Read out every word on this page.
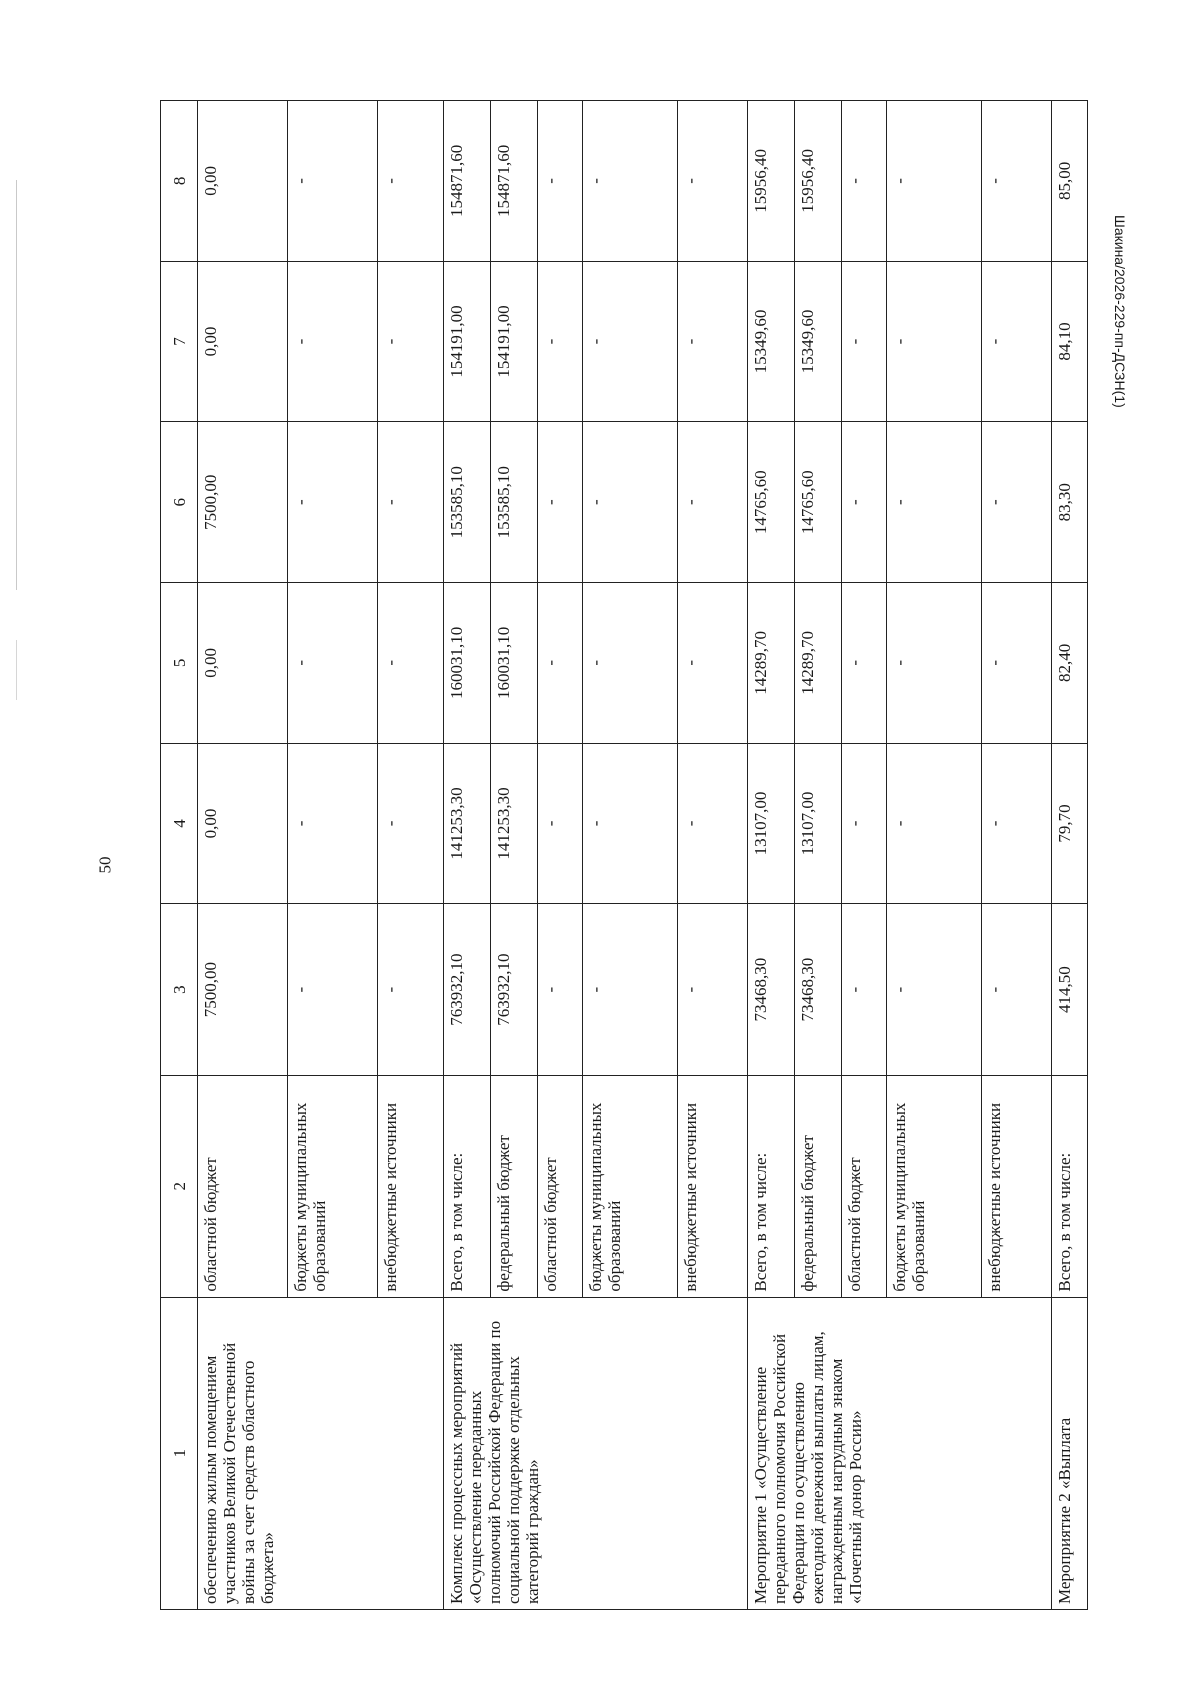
50
Шакина/2026-229-пп-ДСЗН(1)
1	2	3	4	5	6	7	8
обеспечению жилым помещением участников Великой Отечественной войны за счет средств областного бюджета»	областной бюджет	7500,00	0,00	0,00	7500,00	0,00	0,00
	бюджеты муниципальных образований	-	-	-	-	-	-
	внебюджетные источники	-	-	-	-	-	-
Комплекс процессных мероприятий «Осуществление переданных полномочий Российской Федерации по социальной поддержке отдельных категорий граждан»	Всего, в том числе:	763932,10	141253,30	160031,10	153585,10	154191,00	154871,60
	федеральный бюджет	763932,10	141253,30	160031,10	153585,10	154191,00	154871,60
	областной бюджет	-	-	-	-	-	-
	бюджеты муниципальных образований	-	-	-	-	-	-
	внебюджетные источники	-	-	-	-	-	-
Мероприятие 1 «Осуществление переданного полномочия Российской Федерации по осуществлению ежегодной денежной выплаты лицам, награжденным нагрудным знаком «Почетный донор России»	Всего, в том числе:	73468,30	13107,00	14289,70	14765,60	15349,60	15956,40
	федеральный бюджет	73468,30	13107,00	14289,70	14765,60	15349,60	15956,40
	областной бюджет	-	-	-	-	-	-
	бюджеты муниципальных образований	-	-	-	-	-	-
	внебюджетные источники	-	-	-	-	-	-
Мероприятие 2 «Выплата	Всего, в том числе:	414,50	79,70	82,40	83,30	84,10	85,00
